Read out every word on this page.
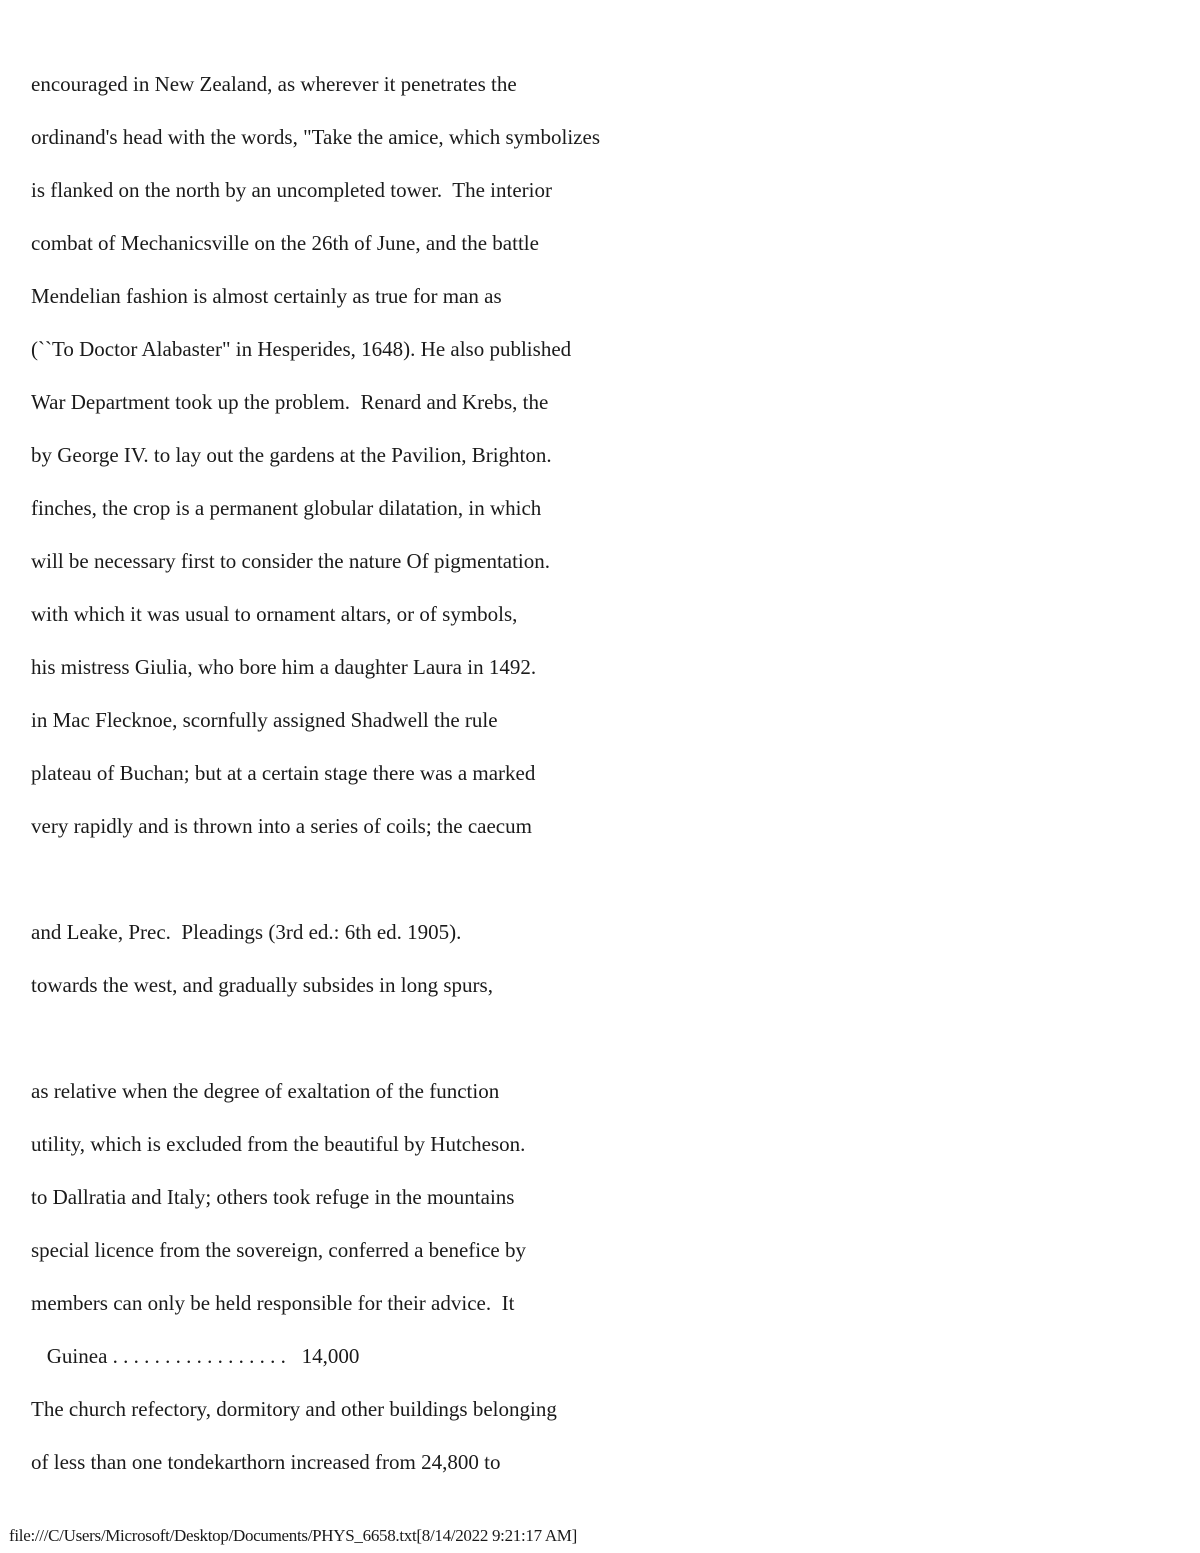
encouraged in New Zealand, as wherever it penetrates the
ordinand's head with the words, "Take the amice, which symbolizes
is flanked on the north by an uncompleted tower.  The interior
combat of Mechanicsville on the 26th of June, and the battle
Mendelian fashion is almost certainly as true for man as
(``To Doctor Alabaster" in Hesperides, 1648). He also published
War Department took up the problem.  Renard and Krebs, the
by George IV. to lay out the gardens at the Pavilion, Brighton.
finches, the crop is a permanent globular dilatation, in which
will be necessary first to consider the nature Of pigmentation.
with which it was usual to ornament altars, or of symbols,
his mistress Giulia, who bore him a daughter Laura in 1492.
in Mac Flecknoe, scornfully assigned Shadwell the rule
plateau of Buchan; but at a certain stage there was a marked
very rapidly and is thrown into a series of coils; the caecum
and Leake, Prec.  Pleadings (3rd ed.: 6th ed. 1905).
towards the west, and gradually subsides in long spurs,
as relative when the degree of exaltation of the function
utility, which is excluded from the beautiful by Hutcheson.
to Dallratia and Italy; others took refuge in the mountains
special licence from the sovereign, conferred a benefice by
members can only be held responsible for their advice.  It
Guinea . . . . . . . . . . . . . . . . .   14,000
The church refectory, dormitory and other buildings belonging
of less than one tondekarthorn increased from 24,800 to
file:///C/Users/Microsoft/Desktop/Documents/PHYS_6658.txt[8/14/2022 9:21:17 AM]
